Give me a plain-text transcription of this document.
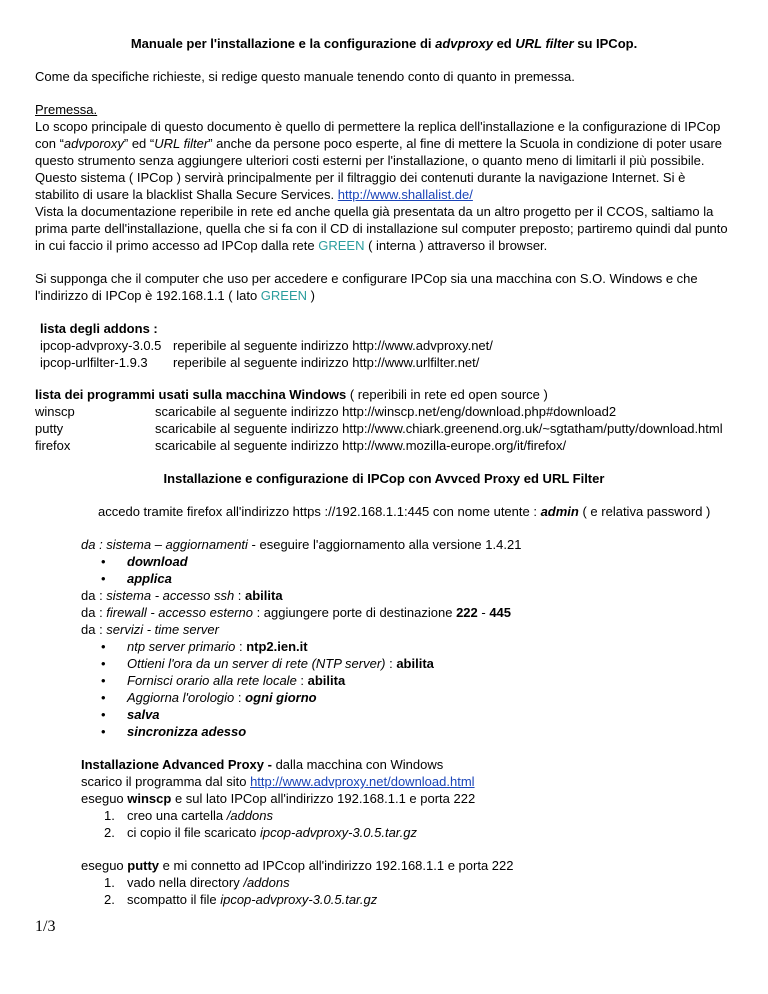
Manuale per l'installazione e la configurazione di advproxy ed URL filter su IPCop.
Come da specifiche richieste, si redige questo manuale tenendo conto di quanto in premessa.
Premessa.
Lo scopo principale di questo documento è quello di permettere la replica dell'installazione e la configurazione di IPCop
con “advporoxy” ed “URL filter” anche da persone poco esperte, al fine di mettere la Scuola in condizione di poter usare
questo strumento senza aggiungere ulteriori costi esterni per l'installazione, o quanto meno di limitarli il più possibile.
Questo sistema ( IPCop ) servirà principalmente per il filtraggio dei contenuti durante la navigazione Internet. Si è
stabilito di usare la blacklist Shalla Secure Services. http://www.shallalist.de/
Vista la documentazione reperibile in rete ed anche quella già presentata da un altro progetto per il CCOS, saltiamo la
prima parte dell'installazione, quella che si fa con il CD di installazione sul computer preposto; partiremo quindi dal punto
in cui faccio il primo accesso ad IPCop dalla rete GREEN ( interna ) attraverso il browser.
Si supponga che il computer che uso per accedere e configurare IPCop sia una macchina con S.O. Windows e che
l'indirizzo di IPCop è 192.168.1.1 ( lato GREEN )
lista degli addons :
ipcop-advproxy-3.0.5 reperibile al seguente indirizzo http://www.advproxy.net/
ipcop-urlfilter-1.9.3 reperibile al seguente indirizzo http://www.urlfilter.net/
lista dei programmi usati sulla macchina Windows ( reperibili in rete ed open source )
winscp	scaricabile al seguente indirizzo http://winscp.net/eng/download.php#download2
putty	scaricabile al seguente indirizzo http://www.chiark.greenend.org.uk/~sgtatham/putty/download.html
firefox	scaricabile al seguente indirizzo http://www.mozilla-europe.org/it/firefox/
Installazione e configurazione di IPCop con Avvced Proxy ed URL Filter
accedo tramite firefox all'indirizzo https ://192.168.1.1:445 con nome utente : admin ( e relativa password )
da : sistema – aggiornamenti - eseguire l'aggiornamento alla versione 1.4.21
• download
• applica
da : sistema - accesso ssh : abilita
da : firewall - accesso esterno : aggiungere porte di destinazione 222 - 445
da : servizi - time server
• ntp server primario : ntp2.ien.it
• Ottieni l'ora da un server di rete (NTP server) : abilita
• Fornisci orario alla rete locale : abilita
• Aggiorna l'orologio : ogni giorno
• salva
• sincronizza adesso
Installazione Advanced Proxy - dalla macchina con Windows
scarico il programma dal sito http://www.advproxy.net/download.html
eseguo winscp e sul lato IPCop all'indirizzo 192.168.1.1 e porta 222
1. creo una cartella /addons
2. ci copio il file scaricato ipcop-advproxy-3.0.5.tar.gz
eseguo putty e mi connetto ad IPCcop all'indirizzo 192.168.1.1 e porta 222
1. vado nella directory /addons
2. scompatto il file ipcop-advproxy-3.0.5.tar.gz
1/3
